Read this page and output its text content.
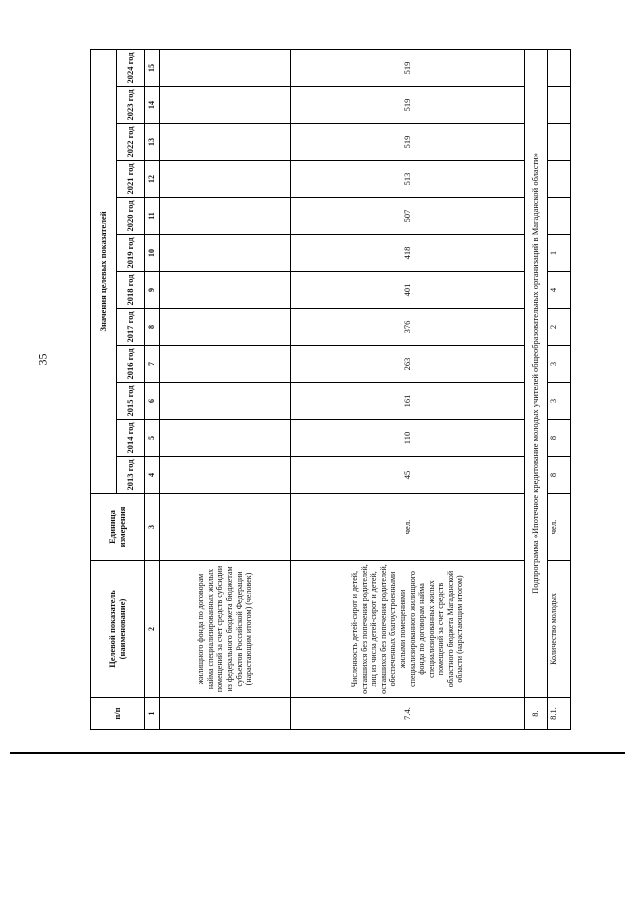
35
п/п	Целевой показатель (наименование)	Единица измерения	Значения целевых показателей											
			2013 год	2014 год	2015 год	2016 год	2017 год	2018 год	2019 год	2020 год	2021 год	2022 год	2023 год	2024 год
1	2	3	4	5	6	7	8	9	10	11	12	13	14	15
	жилищного фонда по договорам найма специализированных жилых помещений за счет средств субсидии из федерального бюджета бюджетам субъектов Российской Федерации (нарастающим итогом) (человек)													
7.4.	Численность детей-сирот и детей, оставшихся без попечения родителей, лиц из числа детей-сирот и детей, оставшихся без попечения родителей, обеспеченных благоустроенными жилыми помещениями специализированного жилищного фонда по договорам найма специализированных жилых помещений за счет средств областного бюджета Магаданской области (нарастающим итогом)	чел.	45	110	161	263	376	401	418	507	513	519	519	519
8.	Подпрограмма «Ипотечное кредитование молодых учителей общеобразовательных организаций в Магаданской области»													
8.1.	Количество молодых	чел.	8	8	3	3	2	4	1					
